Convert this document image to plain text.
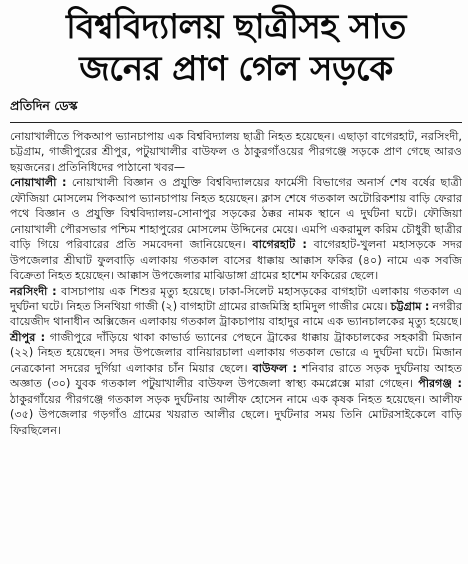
বিশ্ববিদ্যালয় ছাত্রীসহ সাত
জনের প্রাণ গেল সড়কে
প্রতিদিন ডেস্ক

নোয়াখালীতে পিকআপ ভ্যানচাপায় এক বিশ্ববিদ্যালয় ছাত্রী নিহত হয়েছেন। এছাড়া বাগেরহাট, নরসিংদী, চট্টগ্রাম, গাজীপুরের শ্রীপুর, পটুয়াখালীর বাউফল ও ঠাকুরগাঁওয়ের পীরগঞ্জে সড়কে প্রাণ গেছে আরও ছয়জনের। প্রতিনিধিদের পাঠানো খবর—

নোয়াখালী : নোয়াখালী বিজ্ঞান ও প্রযুক্তি বিশ্ববিদ্যালয়ের ফার্মেসী বিভাগের অনার্স শেষ বর্ষের ছাত্রী ফৌজিয়া মোসলেম পিকআপ ভ্যানচাপায় নিহত হয়েছেন। ক্লাস শেষে গতকাল অটোরিকশায় বাড়ি ফেরার পথে বিজ্ঞান ও প্রযুক্তি বিশ্ববিদ্যালয়-সোনাপুর সড়কের ঠক্কর নামক স্থানে এ দুর্ঘটনা ঘটে। ফৌজিয়া নোয়াখালী পৌরসভার পশ্চিম শাহাপুরের মোসলেম উদ্দিনের মেয়ে। এমপি একরামুল করিম চৌধুরী ছাত্রীর বাড়ি গিয়ে পরিবারের প্রতি সমবেদনা জানিয়েছেন। বাগেরহাট : বাগেরহাট-খুলনা মহাসড়কে সদর উপজেলার শ্রীঘাট ফুলবাড়ি এলাকায় গতকাল বাসের ধাক্কায় আক্কাস ফকির (৪০) নামে এক সবজি বিক্রেতা নিহত হয়েছেন। আক্কাস উপজেলার মাঝিডাঙ্গা গ্রামের হাশেম ফকিরের ছেলে।

নরসিংদী : বাসচাপায় এক শিশুর মৃত্যু হয়েছে। ঢাকা-সিলেট মহাসড়কের বাগহাটা এলাকায় গতকাল এ দুর্ঘটনা ঘটে। নিহত সিনথিয়া গাজী (২) বাগহাটা গ্রামের রাজমিস্ত্রি হামিদুল গাজীর মেয়ে। চট্টগ্রাম : নগরীর বায়েজীদ থানাধীন অক্সিজেন এলাকায় গতকাল ট্রাকচাপায় বাহাদুর নামে এক ভ্যানচালকের মৃত্যু হয়েছে। শ্রীপুর : গাজীপুরে দাঁড়িয়ে থাকা কাভার্ড ভ্যানের পেছনে ট্রাকের ধাক্কায় ট্রাকচালকের সহকারী মিজান (২২) নিহত হয়েছেন। সদর উপজেলার বানিয়ারচালা এলাকায় গতকাল ভোরে এ দুর্ঘটনা ঘটে। মিজান নেত্রকোনা সদরের দুর্গিয়া এলাকার চাঁন মিয়ার ছেলে। বাউফল : শনিবার রাতে সড়ক দুর্ঘটনায় আহত অজ্ঞাত (৩০) যুবক গতকাল পটুয়াখালীর বাউফল উপজেলা স্বাস্থ্য কমপ্লেক্সে মারা গেছেন। পীরগঞ্জ : ঠাকুরগাঁয়ের পীরগঞ্জে গতকাল সড়ক দুর্ঘটনায় আলীফ হোসেন নামে এক কৃষক নিহত হয়েছেন। আলীফ (৩৫) উপজেলার গড়গাঁও গ্রামের খয়রাত আলীর ছেলে। দুর্ঘটনার সময় তিনি মোটরসাইকেলে বাড়ি ফিরছিলেন।
